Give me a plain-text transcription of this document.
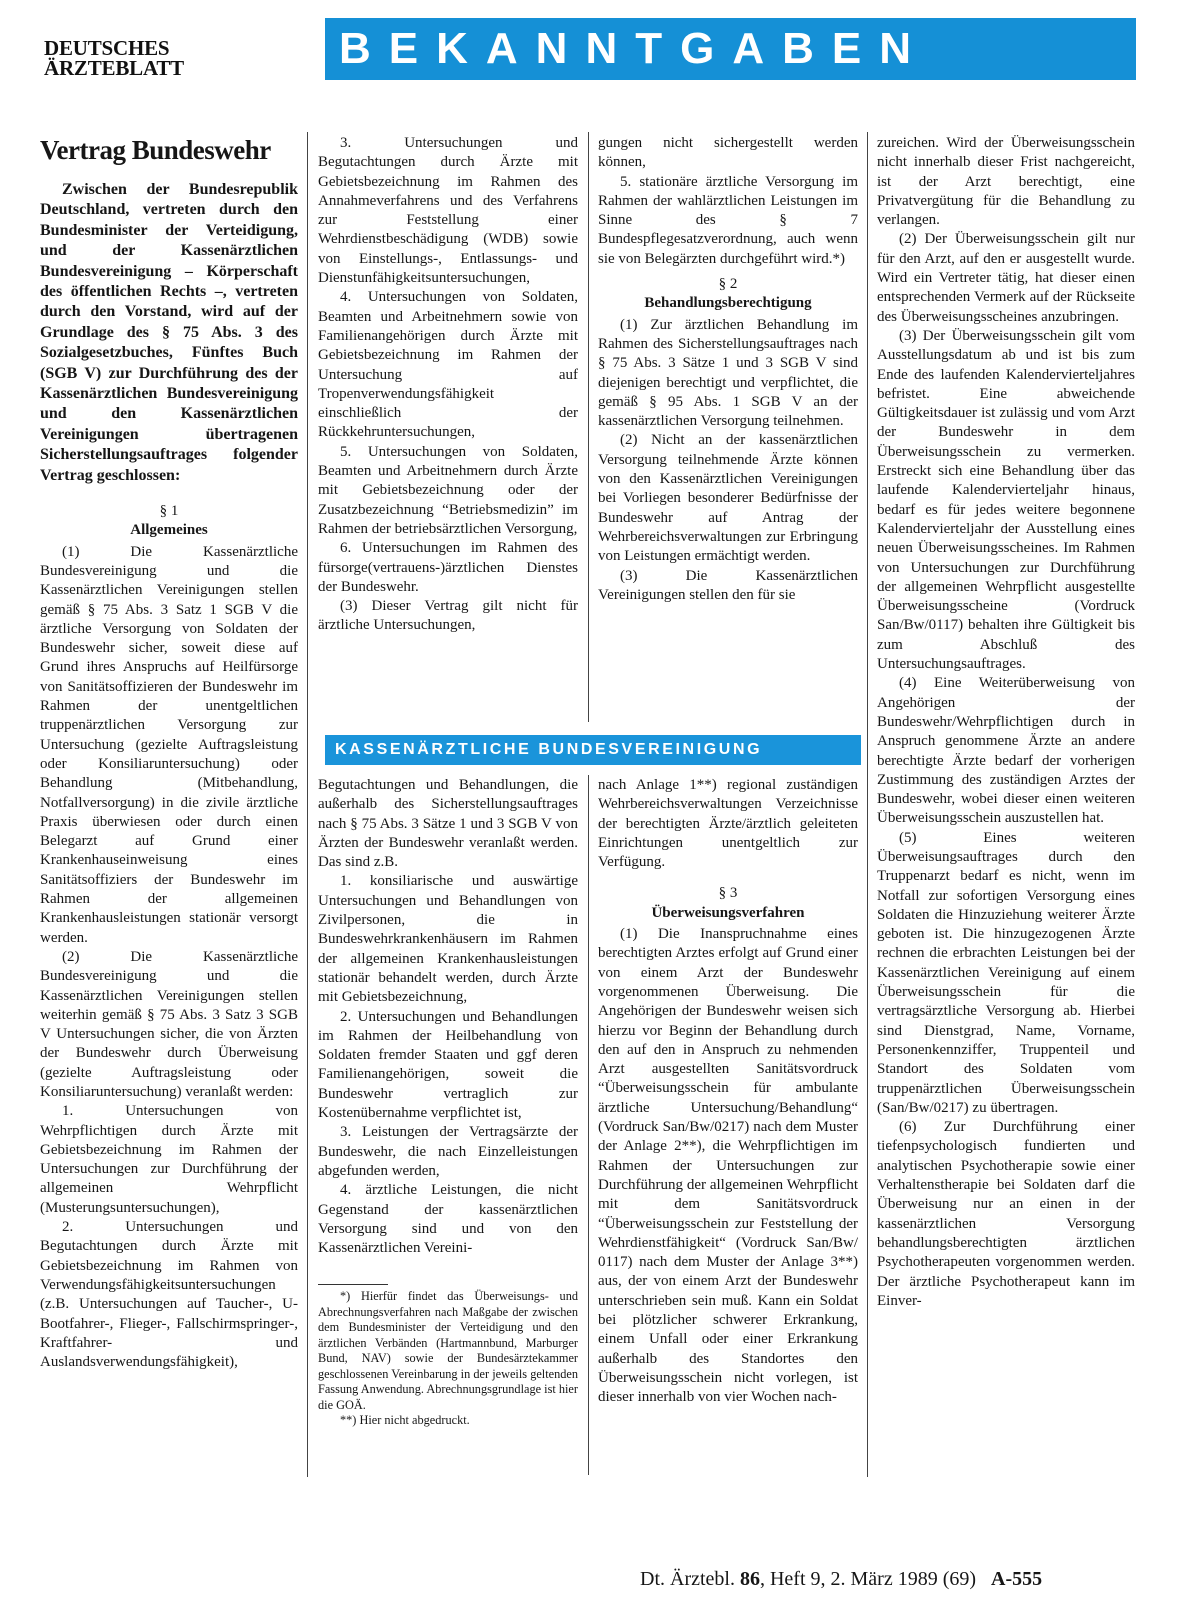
DEUTSCHES
ÄRZTEBLATT	BEKANNTGABEN
Vertrag Bundeswehr

Zwischen der Bundesrepublik Deutschland, vertreten durch den Bundesminister der Verteidigung, und der Kassenärztlichen Bundesvereinigung – Körperschaft des öffentlichen Rechts –, vertreten durch den Vorstand, wird auf der Grundlage des § 75 Abs. 3 des Sozialgesetzbuches, Fünftes Buch (SGB V) zur Durchführung des der Kassenärztlichen Bundesvereinigung und den Kassenärztlichen Vereinigungen übertragenen Sicherstellungsauftrages folgender Vertrag geschlossen:

§ 1
Allgemeines

(1) Die Kassenärztliche Bundesvereinigung und die Kassenärztlichen Vereinigungen stellen gemäß § 75 Abs. 3 Satz 1 SGB V die ärztliche Versorgung von Soldaten der Bundeswehr sicher, soweit diese auf Grund ihres Anspruchs auf Heilfürsorge von Sanitätsoffizieren der Bundeswehr im Rahmen der unentgeltlichen truppenärztlichen Versorgung zur Untersuchung (gezielte Auftragsleistung oder Konsiliaruntersuchung) oder Behandlung (Mitbehandlung, Notfallversorgung) in die zivile ärztliche Praxis überwiesen oder durch einen Belegarzt auf Grund einer Krankenhauseinweisung eines Sanitätsoffiziers der Bundeswehr im Rahmen der allgemeinen Krankenhausleistungen stationär versorgt werden.

(2) Die Kassenärztliche Bundesvereinigung und die Kassenärztlichen Vereinigungen stellen weiterhin gemäß § 75 Abs. 3 Satz 3 SGB V Untersuchungen sicher, die von Ärzten der Bundeswehr durch Überweisung (gezielte Auftragsleistung oder Konsiliaruntersuchung) veranlaßt werden:

1. Untersuchungen von Wehrpflichtigen durch Ärzte mit Gebietsbezeichnung im Rahmen der Untersuchungen zur Durchführung der allgemeinen Wehrpflicht (Musterungsuntersuchungen),

2. Untersuchungen und Begutachtungen durch Ärzte mit Gebietsbezeichnung im Rahmen von Verwendungsfähigkeitsuntersuchungen (z.B. Untersuchungen auf Taucher-, U-Bootfahrer-, Flieger-, Fallschirmspringer-, Kraftfahrer- und Auslandsverwendungsfähigkeit),

3. Untersuchungen und Begutachtungen durch Ärzte mit Gebietsbezeichnung im Rahmen des Annahmeverfahrens und des Verfahrens zur Feststellung einer Wehrdienstbeschädigung (WDB) sowie von Einstellungs-, Entlassungs- und Dienstunfähigkeitsuntersuchungen,

4. Untersuchungen von Soldaten, Beamten und Arbeitnehmern sowie von Familienangehörigen durch Ärzte mit Gebietsbezeichnung im Rahmen der Untersuchung auf Tropenverwendungsfähigkeit einschließlich der Rückkehruntersuchungen,

5. Untersuchungen von Soldaten, Beamten und Arbeitnehmern durch Ärzte mit Gebietsbezeichnung oder der Zusatzbezeichnung “Betriebsmedizin” im Rahmen der betriebsärztlichen Versorgung,

6. Untersuchungen im Rahmen des fürsorge(vertrauens-)ärztlichen Dienstes der Bundeswehr.

(3) Dieser Vertrag gilt nicht für ärztliche Untersuchungen,

gungen nicht sichergestellt werden können,

5. stationäre ärztliche Versorgung im Rahmen der wahlärztlichen Leistungen im Sinne des § 7 Bundespflegesatzverordnung, auch wenn sie von Belegärzten durchgeführt wird.*)

§ 2
Behandlungsberechtigung

(1) Zur ärztlichen Behandlung im Rahmen des Sicherstellungsauftrages nach § 75 Abs. 3 Sätze 1 und 3 SGB V sind diejenigen berechtigt und verpflichtet, die gemäß § 95 Abs. 1 SGB V an der kassenärztlichen Versorgung teilnehmen.

(2) Nicht an der kassenärztlichen Versorgung teilnehmende Ärzte können von den Kassenärztlichen Vereinigungen bei Vorliegen besonderer Bedürfnisse der Bundeswehr auf Antrag der Wehrbereichsverwaltungen zur Erbringung von Leistungen ermächtigt werden.

(3) Die Kassenärztlichen Vereinigungen stellen den für sie

KASSENÄRZTLICHE BUNDESVEREINIGUNG

Begutachtungen und Behandlungen, die außerhalb des Sicherstellungsauftrages nach § 75 Abs. 3 Sätze 1 und 3 SGB V von Ärzten der Bundeswehr veranlaßt werden. Das sind z.B.

1. konsiliarische und auswärtige Untersuchungen und Behandlungen von Zivilpersonen, die in Bundeswehrkrankenhäusern im Rahmen der allgemeinen Krankenhausleistungen stationär behandelt werden, durch Ärzte mit Gebietsbezeichnung,

2. Untersuchungen und Behandlungen im Rahmen der Heilbehandlung von Soldaten fremder Staaten und ggf deren Familienangehörigen, soweit die Bundeswehr vertraglich zur Kostenübernahme verpflichtet ist,

3. Leistungen der Vertragsärzte der Bundeswehr, die nach Einzelleistungen abgefunden werden,

4. ärztliche Leistungen, die nicht Gegenstand der kassenärztlichen Versorgung sind und von den Kassenärztlichen Vereini-

*) Hierfür findet das Überweisungs- und Abrechnungsverfahren nach Maßgabe der zwischen dem Bundesminister der Verteidigung und den ärztlichen Verbänden (Hartmannbund, Marburger Bund, NAV) sowie der Bundesärztekammer geschlossenen Vereinbarung in der jeweils geltenden Fassung Anwendung. Abrechnungsgrundlage ist hier die GOÄ.

**) Hier nicht abgedruckt.

nach Anlage 1**) regional zuständigen Wehrbereichsverwaltungen Verzeichnisse der berechtigten Ärzte/ärztlich geleiteten Einrichtungen unentgeltlich zur Verfügung.

§ 3
Überweisungsverfahren

(1) Die Inanspruchnahme eines berechtigten Arztes erfolgt auf Grund einer von einem Arzt der Bundeswehr vorgenommenen Überweisung. Die Angehörigen der Bundeswehr weisen sich hierzu vor Beginn der Behandlung durch den auf den in Anspruch zu nehmenden Arzt ausgestellten Sanitätsvordruck “Überweisungsschein für ambulante ärztliche Untersuchung/Behandlung“ (Vordruck San/Bw/0217) nach dem Muster der Anlage 2**), die Wehrpflichtigen im Rahmen der Untersuchungen zur Durchführung der allgemeinen Wehrpflicht mit dem Sanitätsvordruck “Überweisungsschein zur Feststellung der Wehrdienstfähigkeit“ (Vordruck San/Bw/ 0117) nach dem Muster der Anlage 3**) aus, der von einem Arzt der Bundeswehr unterschrieben sein muß. Kann ein Soldat bei plötzlicher schwerer Erkrankung, einem Unfall oder einer Erkrankung außerhalb des Standortes den Überweisungsschein nicht vorlegen, ist dieser innerhalb von vier Wochen nach-

zureichen. Wird der Überweisungsschein nicht innerhalb dieser Frist nachgereicht, ist der Arzt berechtigt, eine Privatvergütung für die Behandlung zu verlangen.

(2) Der Überweisungsschein gilt nur für den Arzt, auf den er ausgestellt wurde. Wird ein Vertreter tätig, hat dieser einen entsprechenden Vermerk auf der Rückseite des Überweisungsscheines anzubringen.

(3) Der Überweisungsschein gilt vom Ausstellungsdatum ab und ist bis zum Ende des laufenden Kalendervierteljahres befristet. Eine abweichende Gültigkeitsdauer ist zulässig und vom Arzt der Bundeswehr in dem Überweisungsschein zu vermerken. Erstreckt sich eine Behandlung über das laufende Kalendervierteljahr hinaus, bedarf es für jedes weitere begonnene Kalendervierteljahr der Ausstellung eines neuen Überweisungsscheines. Im Rahmen von Untersuchungen zur Durchführung der allgemeinen Wehrpflicht ausgestellte Überweisungsscheine (Vordruck San/Bw/0117) behalten ihre Gültigkeit bis zum Abschluß des Untersuchungsauftrages.

(4) Eine Weiterüberweisung von Angehörigen der Bundeswehr/Wehrpflichtigen durch in Anspruch genommene Ärzte an andere berechtigte Ärzte bedarf der vorherigen Zustimmung des zuständigen Arztes der Bundeswehr, wobei dieser einen weiteren Überweisungsschein auszustellen hat.

(5) Eines weiteren Überweisungsauftrages durch den Truppenarzt bedarf es nicht, wenn im Notfall zur sofortigen Versorgung eines Soldaten die Hinzuziehung weiterer Ärzte geboten ist. Die hinzugezogenen Ärzte rechnen die erbrachten Leistungen bei der Kassenärztlichen Vereinigung auf einem Überweisungsschein für die vertragsärztliche Versorgung ab. Hierbei sind Dienstgrad, Name, Vorname, Personenkennziffer, Truppenteil und Standort des Soldaten vom truppenärztlichen Überweisungsschein (San/Bw/0217) zu übertragen.

(6) Zur Durchführung einer tiefenpsychologisch fundierten und analytischen Psychotherapie sowie einer Verhaltenstherapie bei Soldaten darf die Überweisung nur an einen in der kassenärztlichen Versorgung behandlungsberechtigten ärztlichen Psychotherapeuten vorgenommen werden. Der ärztliche Psychotherapeut kann im Einver-

Dt. Ärztebl. 86, Heft 9, 2. März 1989 (69) A-555
